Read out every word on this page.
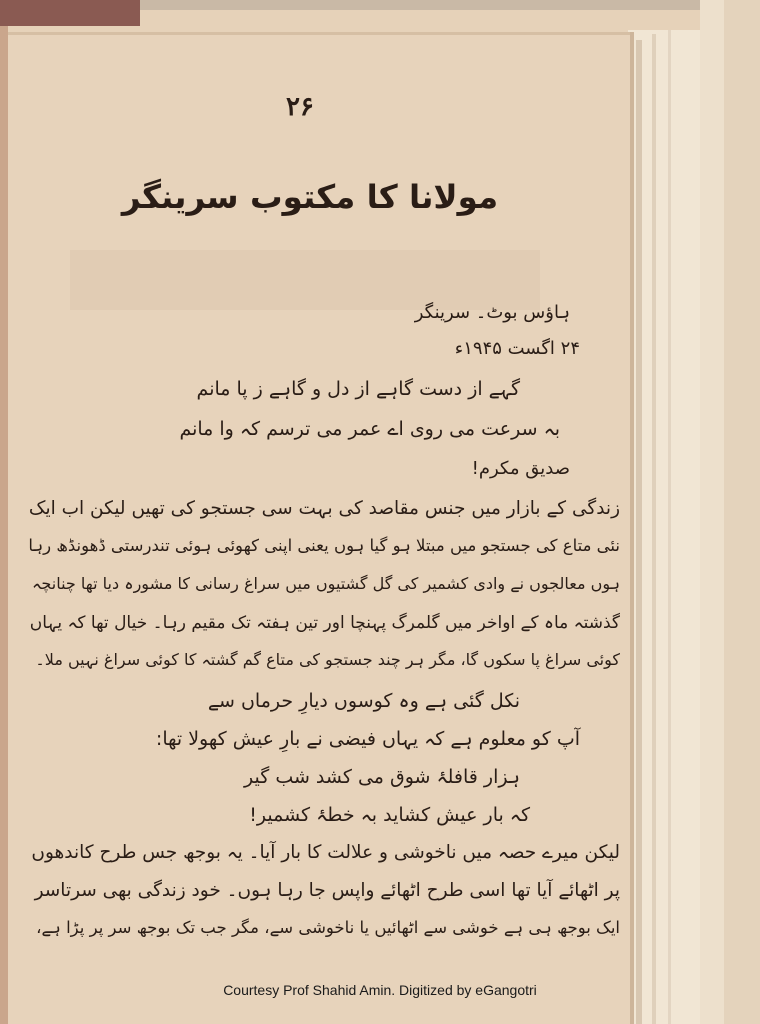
۲۶
مولانا کا مکتوب سرینگر
ہاؤس بوٹ۔ سرینگر
۲۴ اگست ۱۹۴۵ء
گہے از دست گاہے از دل و گاہے ز پا مانم
بہ سرعت می روی اے عمر می ترسم کہ وا مانم
صدیق مکرم!
زندگی کے بازار میں جنس مقاصد کی بہت سی جستجو کی تھیں لیکن اب ایک
نئی متاع کی جستجو میں مبتلا ہو گیا ہوں یعنی اپنی کھوئی ہوئی تندرستی ڈھونڈھ رہا
ہوں معالجوں نے وادی کشمیر کی گل گشتیوں میں سراغ رسانی کا مشورہ دیا تھا چنانچہ
گذشتہ ماہ کے اواخر میں گلمرگ پہنچا اور تین ہفتہ تک مقیم رہا۔ خیال تھا کہ یہاں
کوئی سراغ پا سکوں گا، مگر ہر چند جستجو کی متاع گم گشتہ کا کوئی سراغ نہیں ملا۔
نکل گئی ہے وہ کوسوں دیارِ حرماں سے
آپ کو معلوم ہے کہ یہاں فیضی نے بارِ عیش کھولا تھا:
ہزار قافلۂ شوق می کشد شب گیر
کہ بار عیش کشاید بہ خطۂ کشمیر!
لیکن میرے حصہ میں ناخوشی و علالت کا بار آیا۔ یہ بوجھ جس طرح کاندھوں
پر اٹھائے آیا تھا اسی طرح اٹھائے واپس جا رہا ہوں۔ خود زندگی بھی سرتاسر
ایک بوجھ ہی ہے خوشی سے اٹھائیں یا ناخوشی سے، مگر جب تک بوجھ سر پر پڑا ہے،
Courtesy Prof Shahid Amin. Digitized by eGangotri
